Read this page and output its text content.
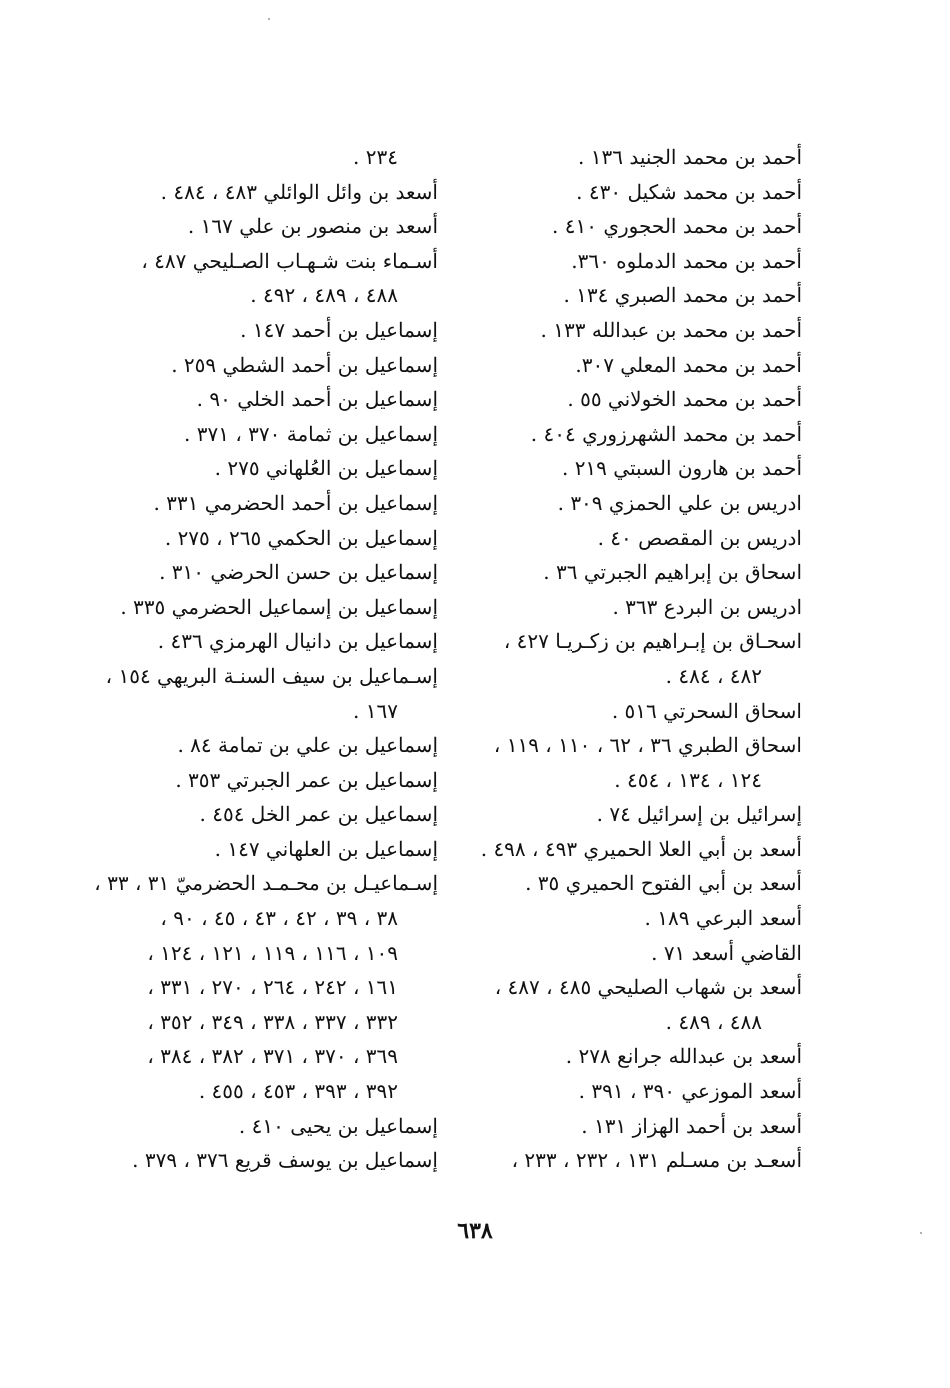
أحمد بن محمد الجنيد ١٣٦ .
أحمد بن محمد شكيل ٤٣٠ .
أحمد بن محمد الحجوري ٤١٠ .
أحمد بن محمد الدملوه ٣٦٠.
أحمد بن محمد الصبري ١٣٤ .
أحمد بن محمد بن عبدالله ١٣٣ .
أحمد بن محمد المعلي ٣٠٧.
أحمد بن محمد الخولاني ٥٥ .
أحمد بن محمد الشهرزوري ٤٠٤ .
أحمد بن هارون السبتي ٢١٩ .
ادريس بن علي الحمزي ٣٠٩ .
ادريس بن المقصص ٤٠ .
اسحاق بن إبراهيم الجبرتي ٣٦ .
ادريس بن البردع ٣٦٣ .
اسحـاق بن إبـراهيم بن زكـريـا ٤٢٧ ،
٤٨٢ ، ٤٨٤ .
اسحاق السحرتي ٥١٦ .
اسحاق الطبري ٣٦ ، ٦٢ ، ١١٠ ، ١١٩ ،
١٢٤ ، ١٣٤ ، ٤٥٤ .
إسرائيل بن إسرائيل ٧٤ .
أسعد بن أبي العلا الحميري ٤٩٣ ، ٤٩٨ .
أسعد بن أبي الفتوح الحميري ٣٥ .
أسعد البرعي ١٨٩ .
القاضي أسعد ٧١ .
أسعد بن شهاب الصليحي ٤٨٥ ، ٤٨٧ ،
٤٨٨ ، ٤٨٩ .
أسعد بن عبدالله جرانع ٢٧٨ .
أسعد الموزعي ٣٩٠ ، ٣٩١ .
أسعد بن أحمد الهزاز ١٣١ .
أسعـد بن مسـلم ١٣١ ، ٢٣٢ ، ٢٣٣ ،
٢٣٤ .
أسعد بن وائل الوائلي ٤٨٣ ، ٤٨٤ .
أسعد بن منصور بن علي ١٦٧ .
أسـماء بنت شـهـاب الصـليحي ٤٨٧ ،
٤٨٨ ، ٤٨٩ ، ٤٩٢ .
إسماعيل بن أحمد ١٤٧ .
إسماعيل بن أحمد الشطي ٢٥٩ .
إسماعيل بن أحمد الخلي ٩٠ .
إسماعيل بن ثمامة ٣٧٠ ، ٣٧١ .
إسماعيل بن العُلهاني ٢٧٥ .
إسماعيل بن أحمد الحضرمي ٣٣١ .
إسماعيل بن الحكمي ٢٦٥ ، ٢٧٥ .
إسماعيل بن حسن الحرضي ٣١٠ .
إسماعيل بن إسماعيل الحضرمي ٣٣٥ .
إسماعيل بن دانيال الهرمزي ٤٣٦ .
إسـماعيل بن سيف السنـة البريهي ١٥٤ ،
١٦٧ .
إسماعيل بن علي بن تمامة ٨٤ .
إسماعيل بن عمر الجبرتي ٣٥٣ .
إسماعيل بن عمر الخل ٤٥٤ .
إسماعيل بن العلهاني ١٤٧ .
إسـماعيـل بن محـمـد الحضرميّ ٣١ ، ٣٣ ،
٣٨ ، ٣٩ ، ٤٢ ، ٤٣ ، ٤٥ ، ٩٠ ،
١٠٩ ، ١١٦ ، ١١٩ ، ١٢١ ، ١٢٤ ،
١٦١ ، ٢٤٢ ، ٢٦٤ ، ٢٧٠ ، ٣٣١ ،
٣٣٢ ، ٣٣٧ ، ٣٣٨ ، ٣٤٩ ، ٣٥٢ ،
٣٦٩ ، ٣٧٠ ، ٣٧١ ، ٣٨٢ ، ٣٨٤ ،
٣٩٢ ، ٣٩٣ ، ٤٥٣ ، ٤٥٥ .
إسماعيل بن يحيى ٤١٠ .
إسماعيل بن يوسف قريع ٣٧٦ ، ٣٧٩ .
٦٣٨
